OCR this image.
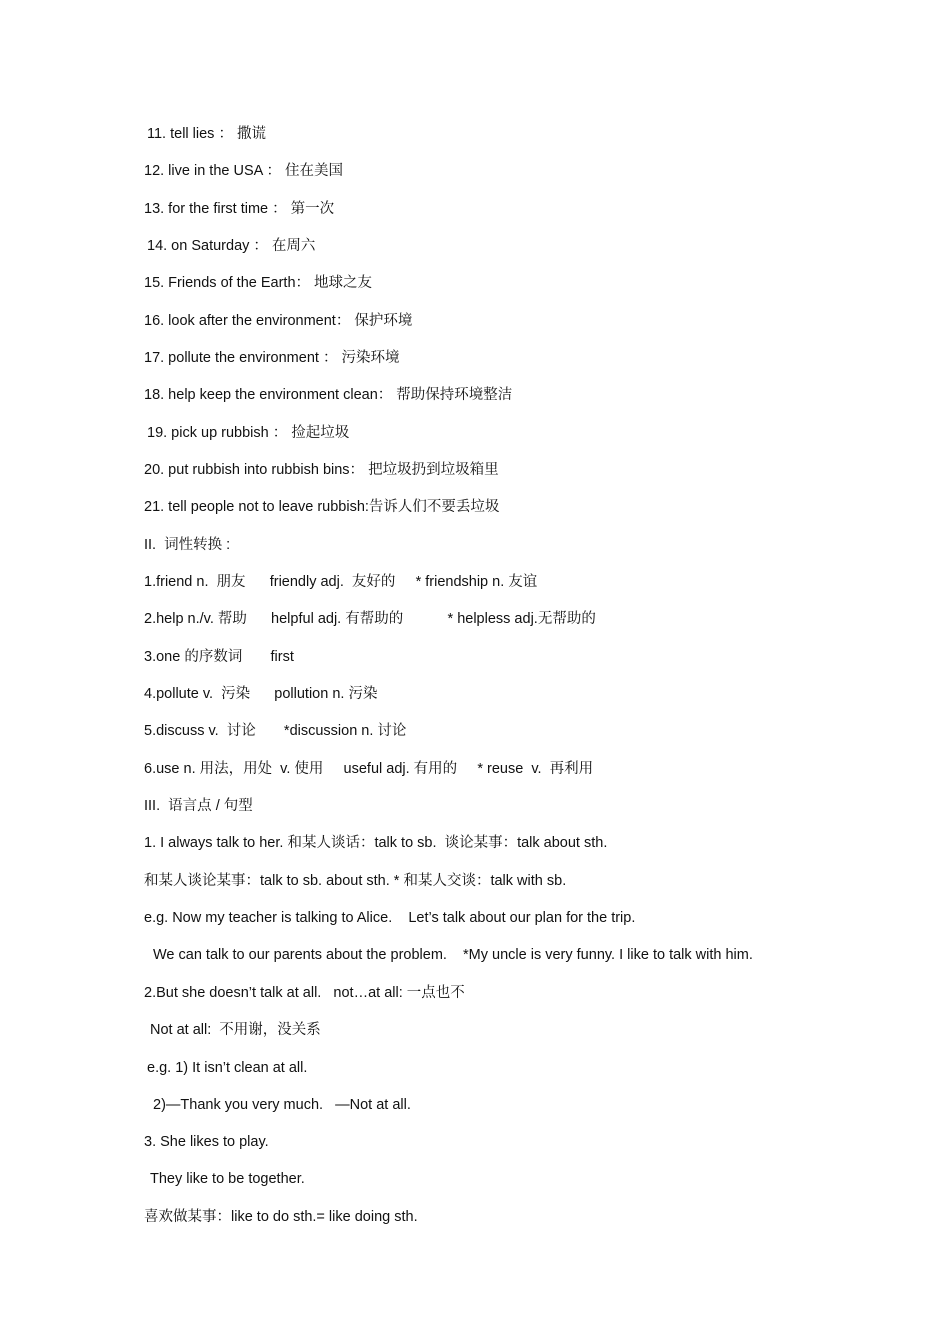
11. tell lies ： 撒谎
12. live in the USA ： 住在美国
13. for the first time ： 第一次
14. on Saturday ： 在周六
15. Friends of the Earth： 地球之友
16. look after the environment： 保护环境
17. pollute the environment ： 污染环境
18. help keep the environment clean： 帮助保持环境整洁
19. pick up rubbish ： 捡起垃圾
20. put rubbish into rubbish bins： 把垃圾扔到垃圾箱里
21. tell people not to leave rubbish:告诉人们不要丢垃圾
II.  词性转换 :
1.friend n.  朋友      friendly adj.  友好的     * friendship n. 友谊
2.help n./v. 帮助      helpful adj. 有帮助的           * helpless adj.无帮助的
3.one 的序数词       first
4.pollute v.  污染      pollution n. 污染
5.discuss v.  讨论       *discussion n. 讨论
6.use n. 用法，用处  v. 使用     useful adj. 有用的     * reuse  v.  再利用
III.  语言点 / 句型
1. I always talk to her. 和某人谈话：talk to sb.  谈论某事：talk about sth.
和某人谈论某事：talk to sb. about sth. * 和某人交谈：talk with sb.
e.g. Now my teacher is talking to Alice.    Let’s talk about our plan for the trip.
We can talk to our parents about the problem.    *My uncle is very funny. I like to talk with him.
2.But she doesn’t talk at all.   not…at all: 一点也不
Not at all:  不用谢，没关系
e.g. 1) It isn’t clean at all.
2)—Thank you very much.   —Not at all.
3. She likes to play.
They like to be together.
喜欢做某事：like to do sth.= like doing sth.
